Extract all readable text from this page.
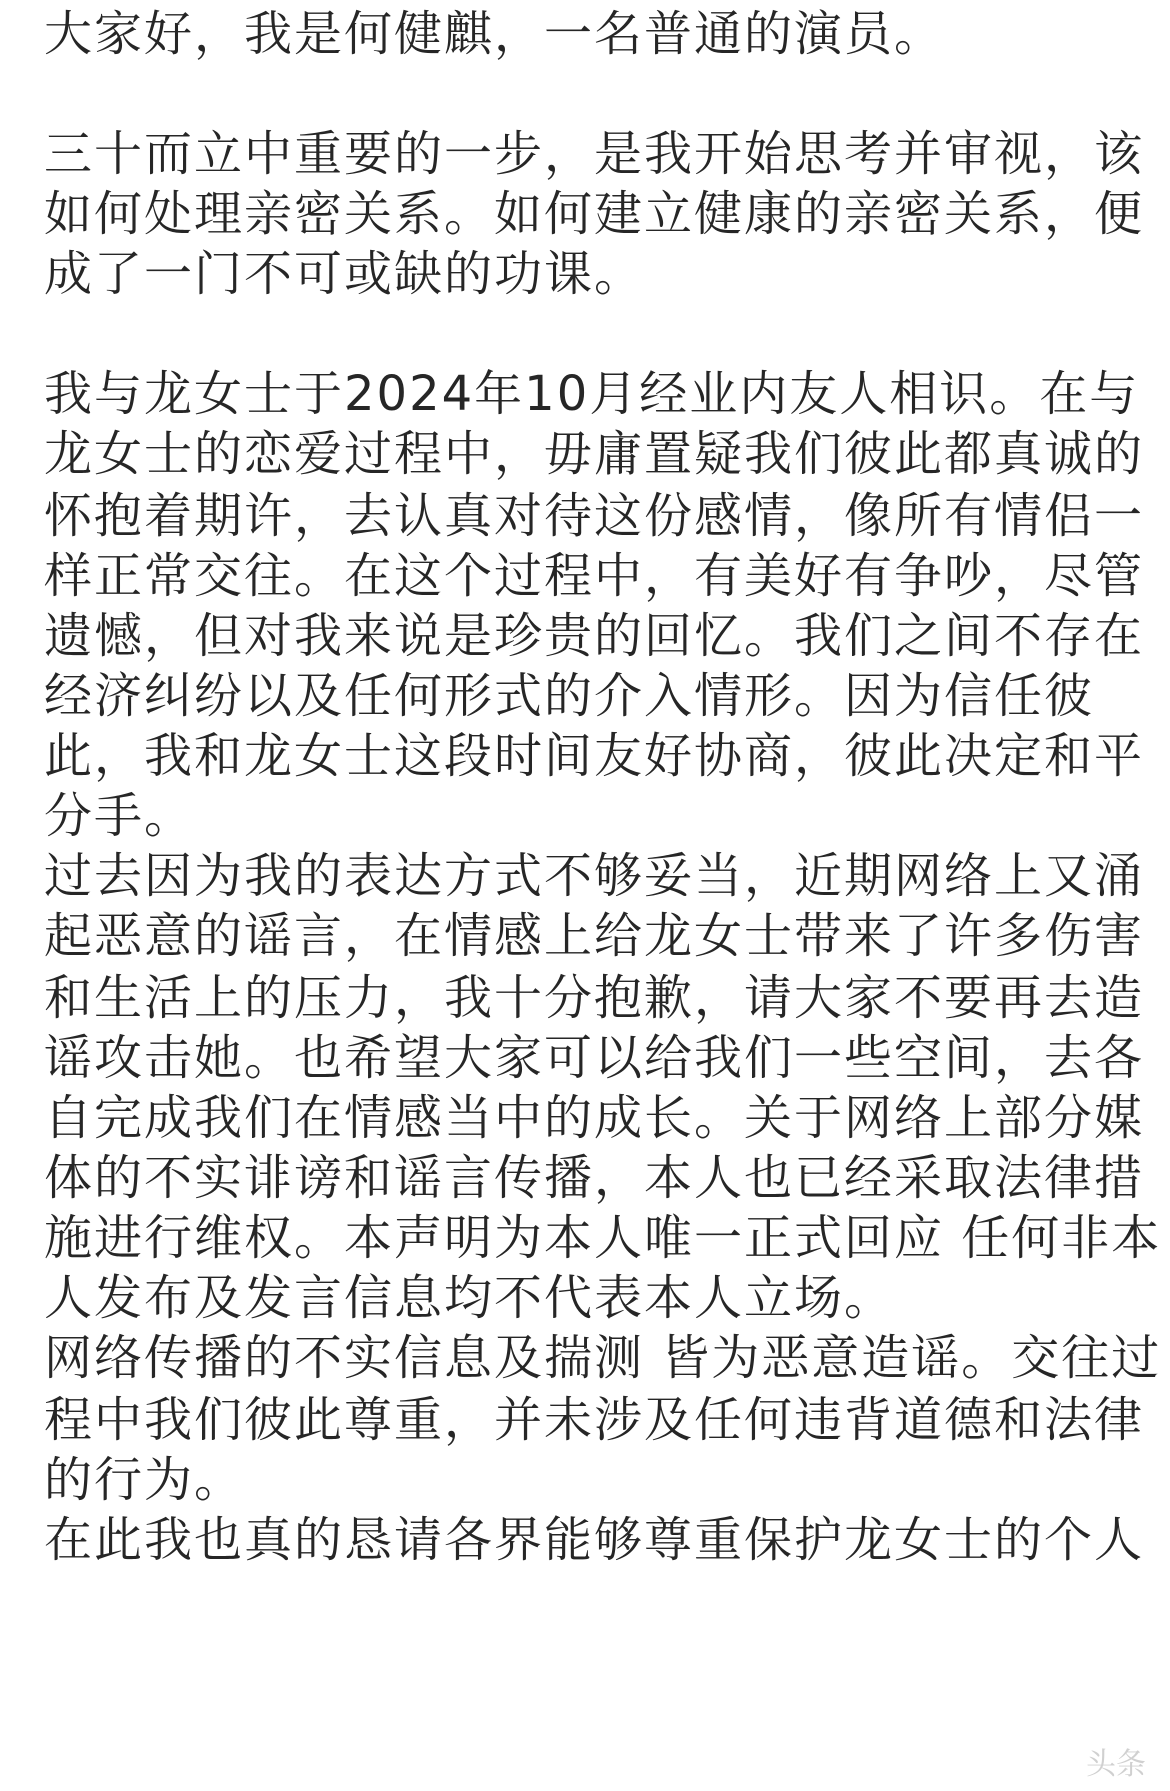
大家好，我是何健麒，一名普通的演员。

三十而立中重要的一步，是我开始思考并审视，该

如何处理亲密关系。如何建立健康的亲密关系，便

成了一门不可或缺的功课。

我与龙女士于2024年10月经业内友人相识。在与

龙女士的恋爱过程中，毋庸置疑我们彼此都真诚的

怀抱着期许，去认真对待这份感情，像所有情侣一

样正常交往。在这个过程中，有美好有争吵，尽管

遗憾，但对我来说是珍贵的回忆。我们之间不存在

经济纠纷以及任何形式的介入情形。因为信任彼

此，我和龙女士这段时间友好协商，彼此决定和平

分手。

过去因为我的表达方式不够妥当，近期网络上又涌

起恶意的谣言，在情感上给龙女士带来了许多伤害

和生活上的压力，我十分抱歉，请大家不要再去造

谣攻击她。也希望大家可以给我们一些空间，去各

自完成我们在情感当中的成长。关于网络上部分媒

体的不实诽谤和谣言传播，本人也已经采取法律措

施进行维权。本声明为本人唯一正式回应 任何非本

人发布及发言信息均不代表本人立场。

网络传播的不实信息及揣测 皆为恶意造谣。交往过

程中我们彼此尊重，并未涉及任何违背道德和法律

的行为。

在此我也真的恳请各界能够尊重保护龙女士的个人

头条
